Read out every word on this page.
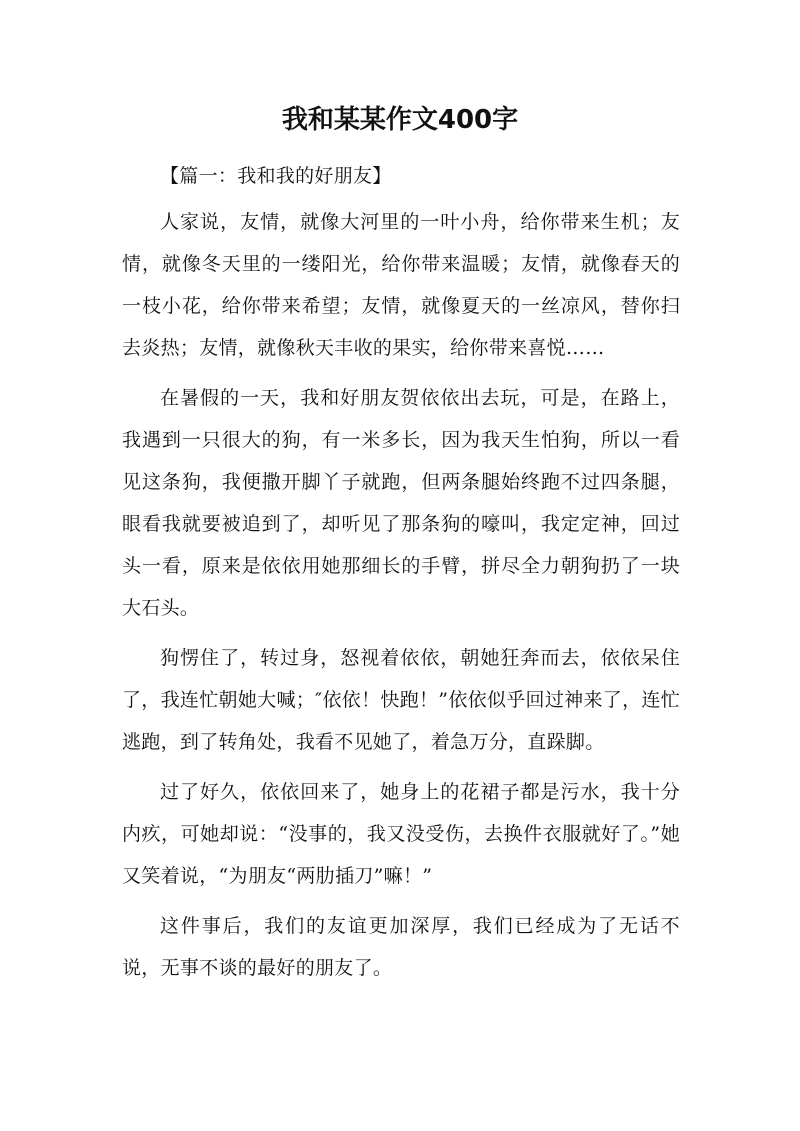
我和某某作文400字

【篇一：我和我的好朋友】

人家说，友情，就像大河里的一叶小舟，给你带来生机；友情，就像冬天里的一缕阳光，给你带来温暖；友情，就像春天的一枝小花，给你带来希望；友情，就像夏天的一丝凉风，替你扫去炎热；友情，就像秋天丰收的果实，给你带来喜悦……

在暑假的一天，我和好朋友贺依依出去玩，可是，在路上，我遇到一只很大的狗，有一米多长，因为我天生怕狗，所以一看见这条狗，我便撒开脚丫子就跑，但两条腿始终跑不过四条腿，眼看我就要被追到了，却听见了那条狗的嚎叫，我定定神，回过头一看，原来是依依用她那细长的手臂，拼尽全力朝狗扔了一块大石头。

狗愣住了，转过身，怒视着依依，朝她狂奔而去，依依呆住了，我连忙朝她大喊；″依依！快跑！”依依似乎回过神来了，连忙逃跑，到了转角处，我看不见她了，着急万分，直跺脚。

过了好久，依依回来了，她身上的花裙子都是污水，我十分内疚，可她却说：“没事的，我又没受伤，去换件衣服就好了。”她又笑着说，“为朋友“两肋插刀”嘛！”

这件事后，我们的友谊更加深厚，我们已经成为了无话不说，无事不谈的最好的朋友了。
